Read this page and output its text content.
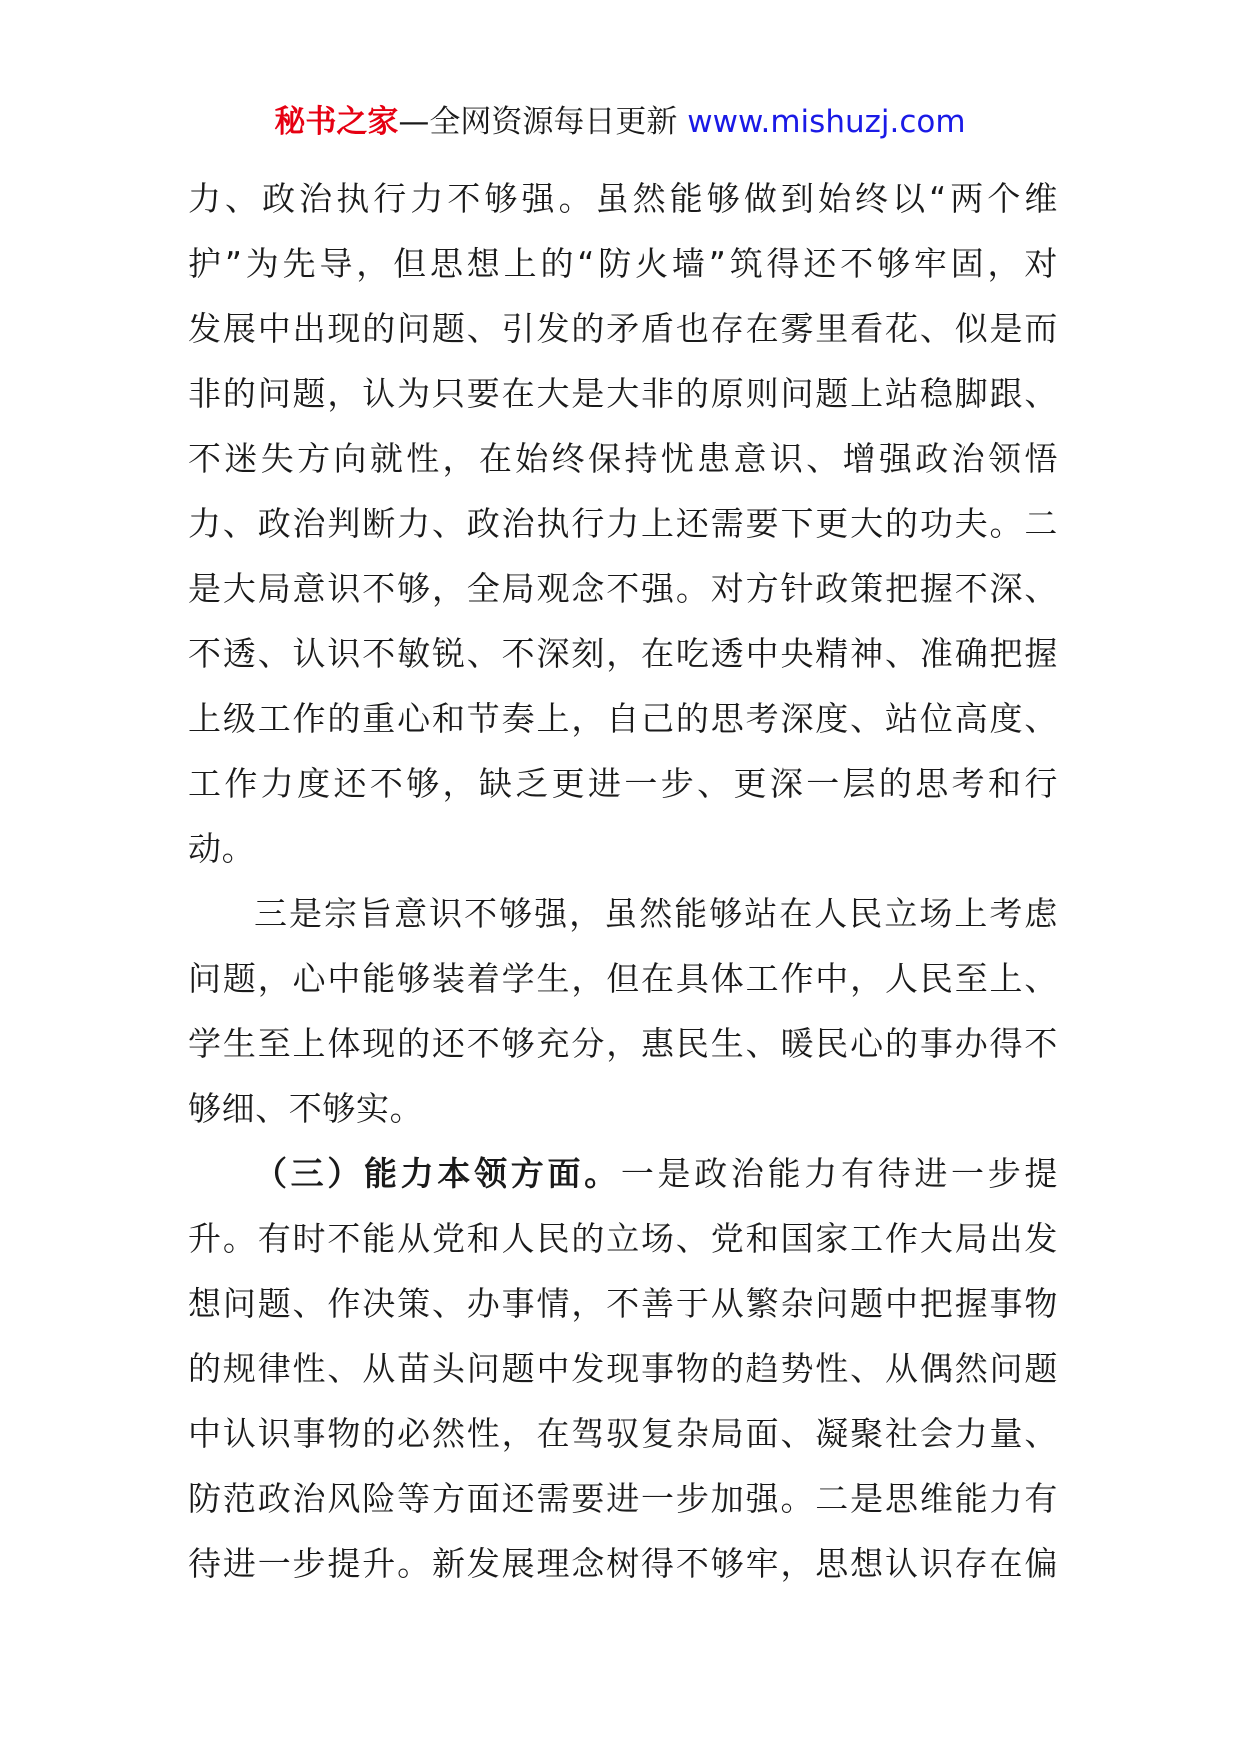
秘书之家—全网资源每日更新 www.mishuzj.com
力、政治执行力不够强。虽然能够做到始终以“两个维
护”为先导，但思想上的“防火墙”筑得还不够牢固，对
发展中出现的问题、引发的矛盾也存在雾里看花、似是而
非的问题，认为只要在大是大非的原则问题上站稳脚跟、
不迷失方向就性，在始终保持忧患意识、增强政治领悟
力、政治判断力、政治执行力上还需要下更大的功夫。二
是大局意识不够，全局观念不强。对方针政策把握不深、
不透、认识不敏锐、不深刻，在吃透中央精神、准确把握
上级工作的重心和节奏上，自己的思考深度、站位高度、
工作力度还不够，缺乏更进一步、更深一层的思考和行
动。
三是宗旨意识不够强，虽然能够站在人民立场上考虑
问题，心中能够装着学生，但在具体工作中，人民至上、
学生至上体现的还不够充分，惠民生、暖民心的事办得不
够细、不够实。
（三）能力本领方面。一是政治能力有待进一步提
升。有时不能从党和人民的立场、党和国家工作大局出发
想问题、作决策、办事情，不善于从繁杂问题中把握事物
的规律性、从苗头问题中发现事物的趋势性、从偶然问题
中认识事物的必然性，在驾驭复杂局面、凝聚社会力量、
防范政治风险等方面还需要进一步加强。二是思维能力有
待进一步提升。新发展理念树得不够牢，思想认识存在偏
